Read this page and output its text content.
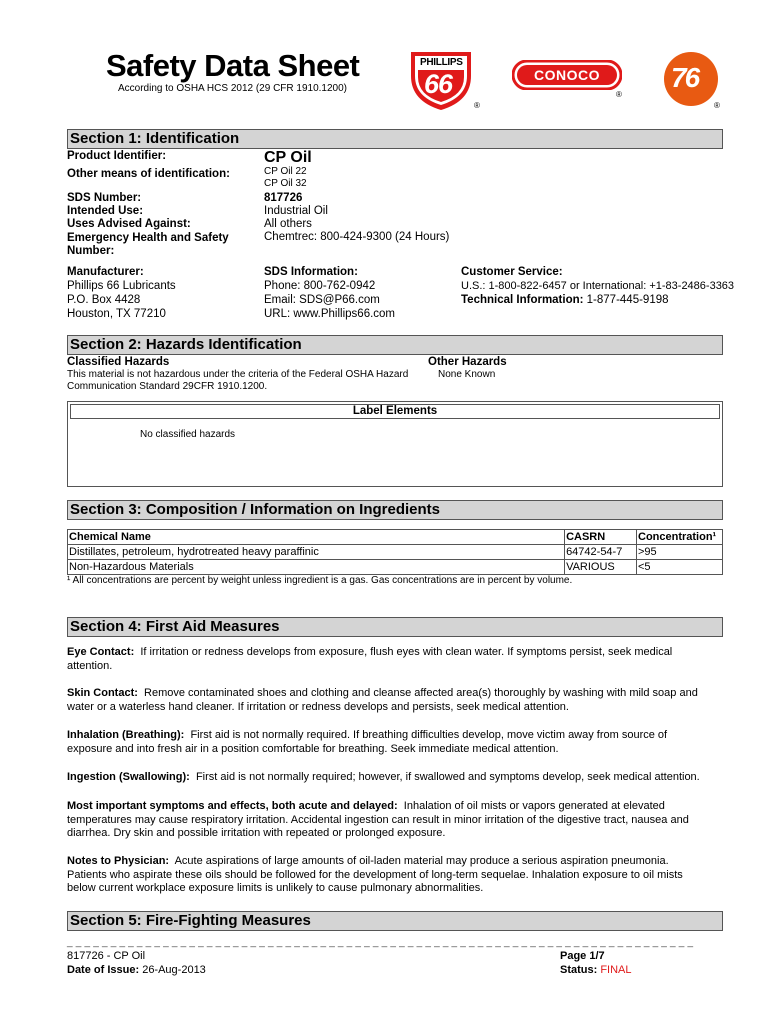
Safety Data Sheet
According to OSHA HCS 2012 (29 CFR 1910.1200)
PHILLIPS
66
®
CONOCO
®
76
®
Section 1: Identification
Product Identifier:	CP Oil
Other means of identification:	CP Oil 22
CP Oil 32
SDS Number:	817726
Intended Use:	Industrial Oil
Uses Advised Against:	All others
Emergency Health and Safety
Number:
Chemtrec: 800-424-9300 (24 Hours)
Manufacturer:
Phillips 66 Lubricants
P.O. Box 4428
Houston, TX 77210
SDS Information:
Phone: 800-762-0942
Email: SDS@P66.com
URL: www.Phillips66.com
Customer Service:
U.S.: 1-800-822-6457 or International: +1-83-2486-3363
Technical Information: 1-877-445-9198
Section 2: Hazards Identification
Classified Hazards
This material is not hazardous under the criteria of the Federal OSHA Hazard
Communication Standard 29CFR 1910.1200.
Other Hazards
None Known
Label Elements
No classified hazards
Section 3: Composition / Information on Ingredients
Chemical Name	CASRN	Concentration¹
Distillates, petroleum, hydrotreated heavy paraffinic	64742-54-7	>95
Non-Hazardous Materials	VARIOUS	<5
¹ All concentrations are percent by weight unless ingredient is a gas. Gas concentrations are in percent by volume.
Section 4: First Aid Measures
Eye Contact:  If irritation or redness develops from exposure, flush eyes with clean water. If symptoms persist, seek medical
attention.
Skin Contact:  Remove contaminated shoes and clothing and cleanse affected area(s) thoroughly by washing with mild soap and
water or a waterless hand cleaner. If irritation or redness develops and persists, seek medical attention.
Inhalation (Breathing):  First aid is not normally required. If breathing difficulties develop, move victim away from source of
exposure and into fresh air in a position comfortable for breathing. Seek immediate medical attention.
Ingestion (Swallowing):  First aid is not normally required; however, if swallowed and symptoms develop, seek medical attention.
Most important symptoms and effects, both acute and delayed:  Inhalation of oil mists or vapors generated at elevated
temperatures may cause respiratory irritation. Accidental ingestion can result in minor irritation of the digestive tract, nausea and
diarrhea. Dry skin and possible irritation with repeated or prolonged exposure.
Notes to Physician:  Acute aspirations of large amounts of oil-laden material may produce a serious aspiration pneumonia.
Patients who aspirate these oils should be followed for the development of long-term sequelae. Inhalation exposure to oil mists
below current workplace exposure limits is unlikely to cause pulmonary abnormalities.
Section 5: Fire-Fighting Measures
_ _ _ _ _ _ _ _ _ _ _ _ _ _ _ _ _ _ _ _ _ _ _ _ _ _ _ _ _ _ _ _ _ _ _ _ _ _ _ _ _ _ _ _ _ _ _ _ _ _ _ _ _ _ _ _ _ _ _ _ _ _ _ _ _ _ _ _ _ _ _ _
817726 - CP Oil
Date of Issue: 26-Aug-2013
Page 1/7
Status: FINAL
